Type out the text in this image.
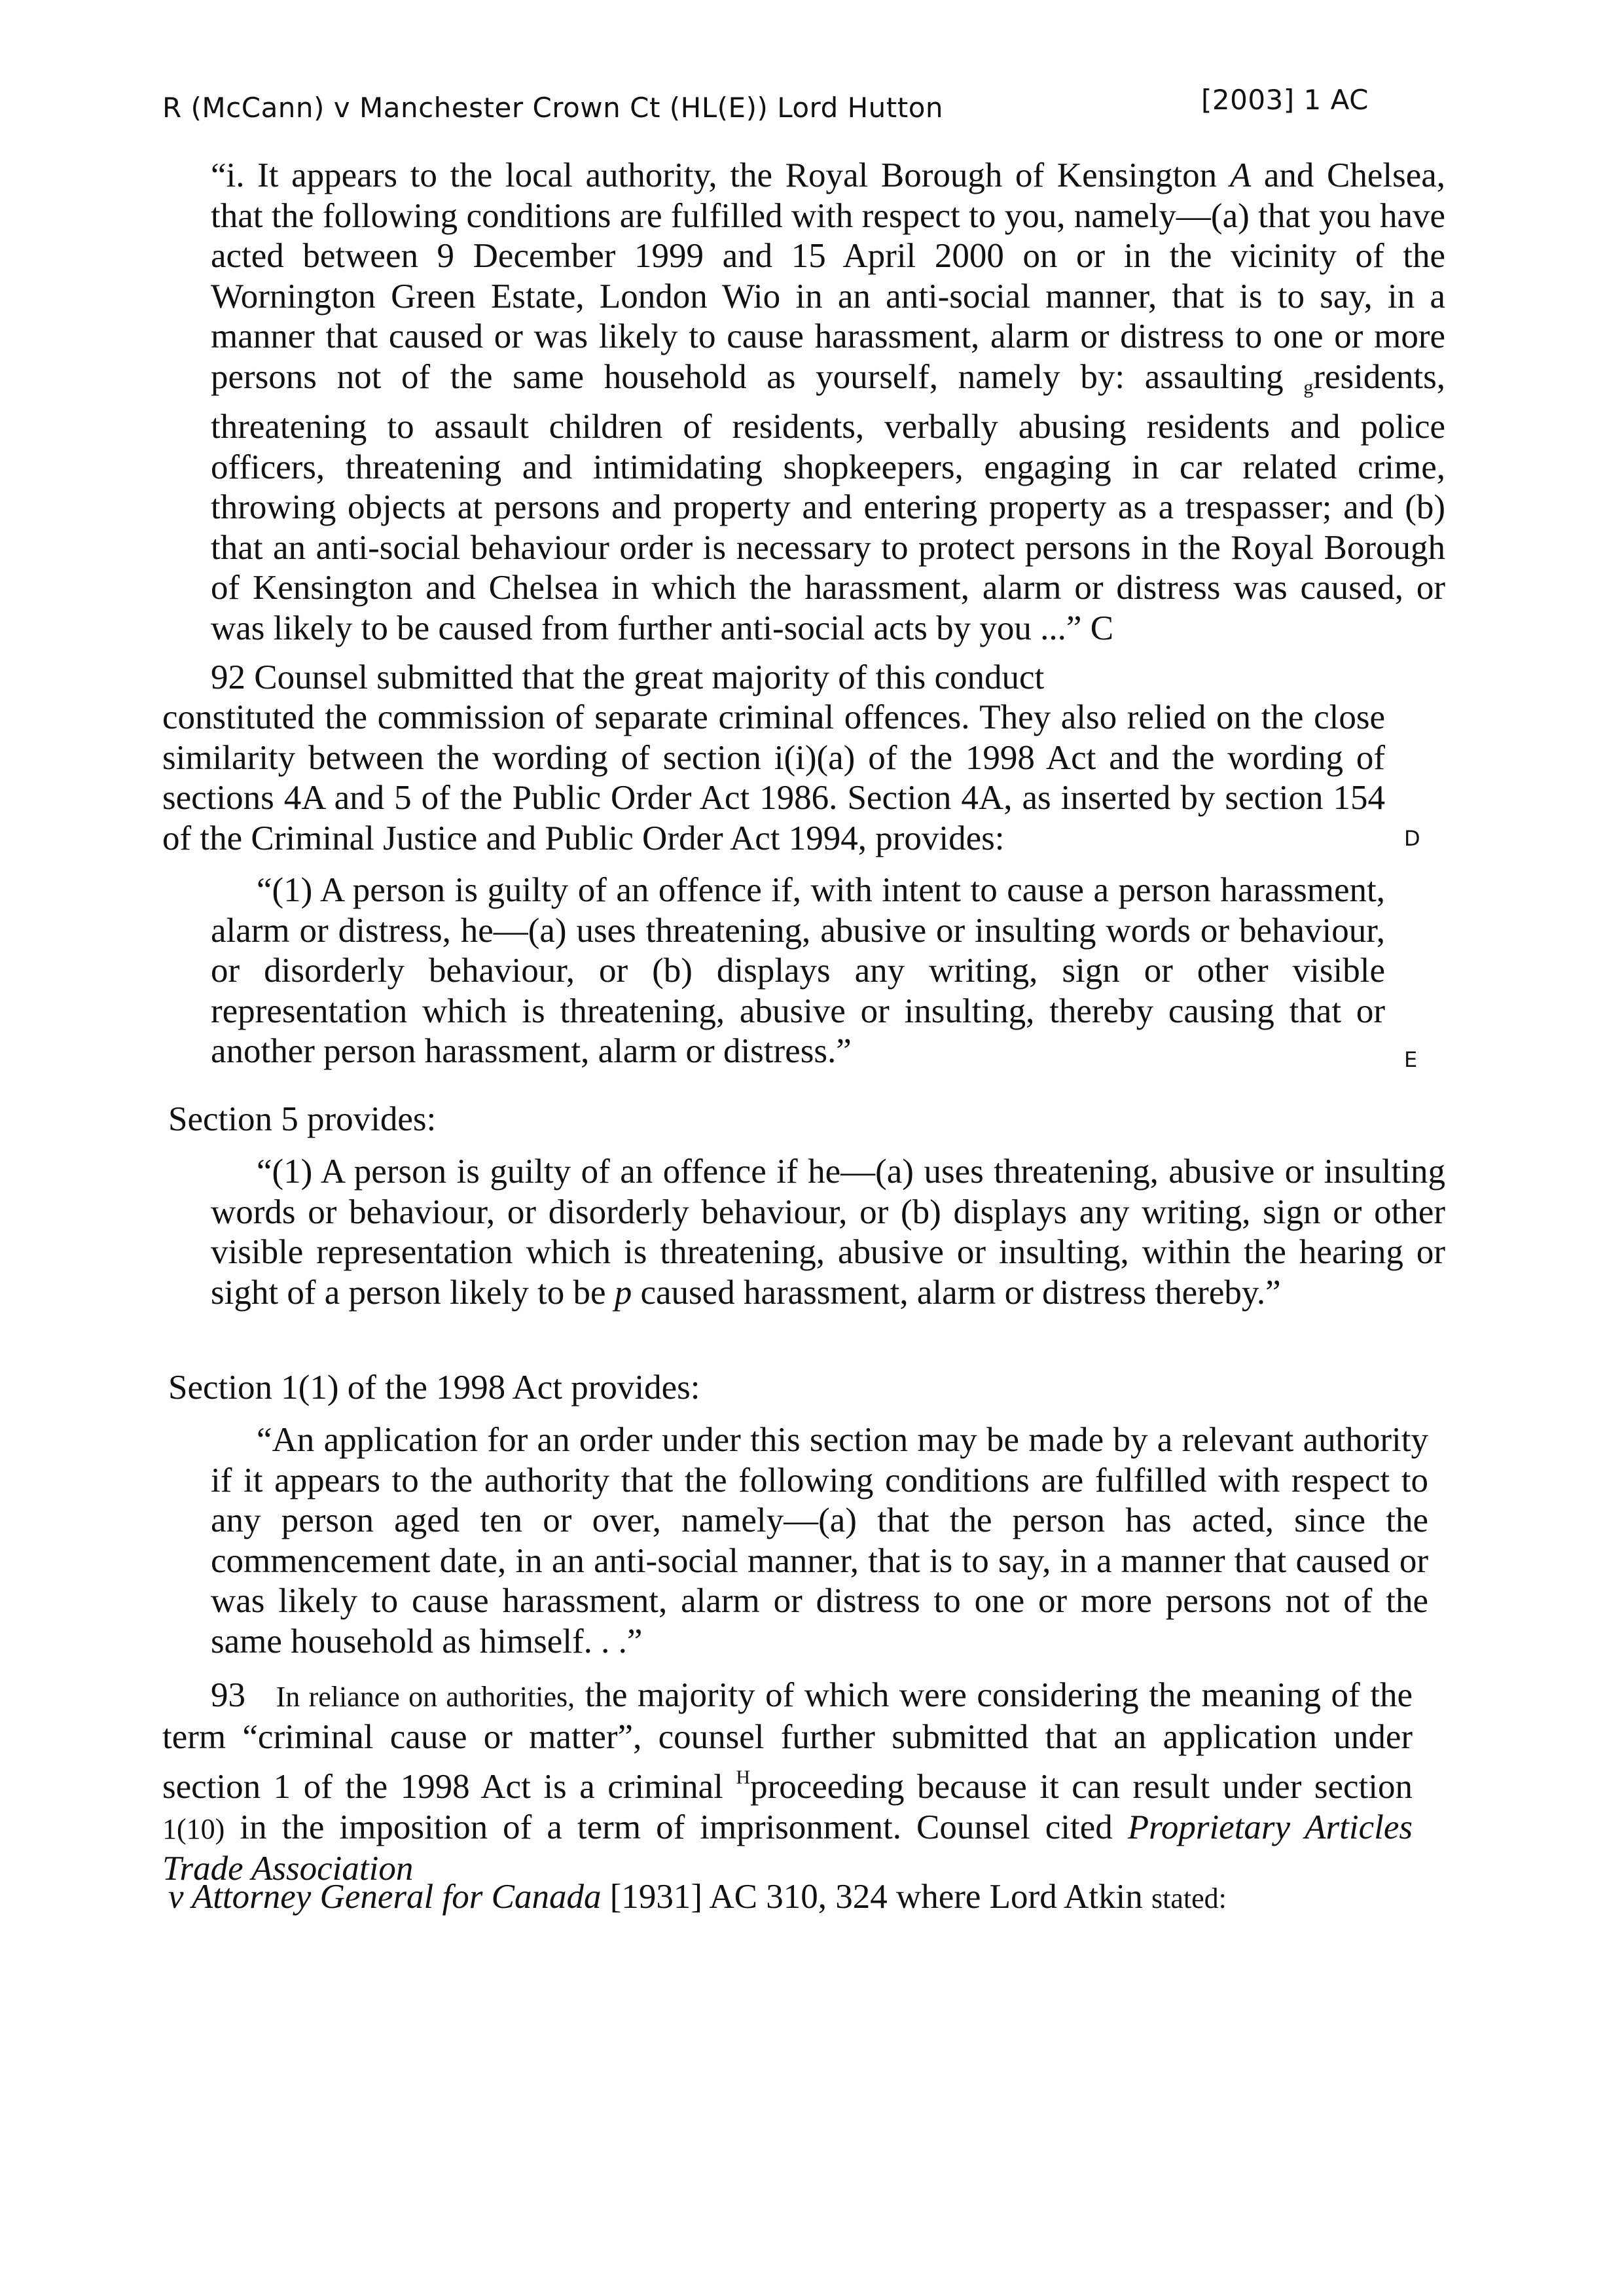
R (McCann) v Manchester Crown Ct (HL(E)) Lord Hutton	[2003] 1 AC

“i. It appears to the local authority, the Royal Borough of Kensington A and Chelsea, that the following conditions are fulfilled with respect to you, namely—(a) that you have acted between 9 December 1999 and 15 April 2000 on or in the vicinity of the Wornington Green Estate, London Wio in an anti-social manner, that is to say, in a manner that caused or was likely to cause harassment, alarm or distress to one or more persons not of the same household as yourself, namely by: assaulting $_g$residents, threatening to assault children of residents, verbally abusing residents and police officers, threatening and intimidating shopkeepers, engaging in car related crime, throwing objects at persons and property and entering property as a trespasser; and (b) that an anti-social behaviour order is necessary to protect persons in the Royal Borough of Kensington and Chelsea in which the harassment, alarm or distress was caused, or was likely to be caused from further anti-social acts by you ...” C

92 Counsel submitted that the great majority of this conduct

constituted the commission of separate criminal offences. They also relied on the close similarity between the wording of section i(i)(a) of the 1998 Act and the wording of sections 4A and 5 of the Public Order Act 1986. Section 4A, as inserted by section 154 of the Criminal Justice and Public Order Act 1994, provides:	D

“(1) A person is guilty of an offence if, with intent to cause a person harassment, alarm or distress, he—(a) uses threatening, abusive or insulting words or behaviour, or disorderly behaviour, or (b) displays any writing, sign or other visible representation which is threatening, abusive or insulting, thereby causing that or another person harassment, alarm or distress.”	E

Section 5 provides:

“(1) A person is guilty of an offence if he—(a) uses threatening, abusive or insulting words or behaviour, or disorderly behaviour, or (b) displays any writing, sign or other visible representation which is threatening, abusive or insulting, within the hearing or sight of a person likely to be p caused harassment, alarm or distress thereby.”

Section 1(1) of the 1998 Act provides:

“An application for an order under this section may be made by a relevant authority if it appears to the authority that the following conditions are fulfilled with respect to any person aged ten or over, namely—(a) that the person has acted, since the commencement date, in an anti-social manner, that is to say, in a manner that caused or was likely to cause harassment, alarm or distress to one or more persons not of the same household as himself. . .”

93 In reliance on authorities, the majority of which were considering the meaning of the term “criminal cause or matter”, counsel further submitted that an application under section 1 of the 1998 Act is a criminal $^H$proceeding because it can result under section 1(10) in the imposition of a term of imprisonment. Counsel cited Proprietary Articles Trade Association

v Attorney General for Canada [1931] AC 310, 324 where Lord Atkin stated:
